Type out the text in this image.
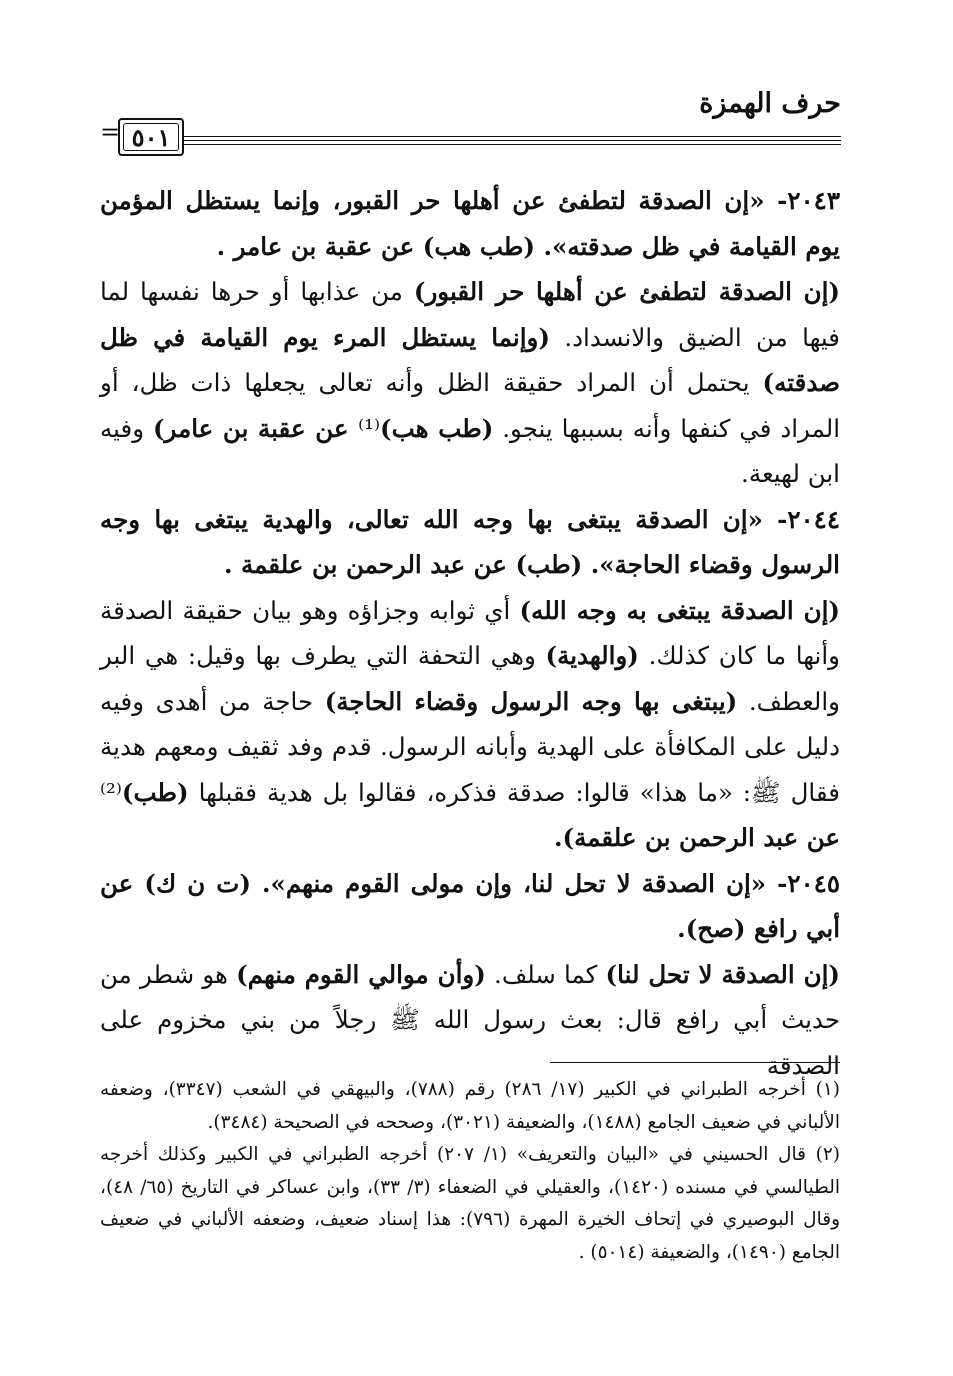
حرف الهمزة
٥٠١
=

٢٠٤٣- «إن الصدقة لتطفئ عن أهلها حر القبور، وإنما يستظل المؤمن يوم القيامة في ظل صدقته». (طب هب) عن عقبة بن عامر .

(إن الصدقة لتطفئ عن أهلها حر القبور) من عذابها أو حرها نفسها لما فيها من الضيق والانسداد. (وإنما يستظل المرء يوم القيامة في ظل صدقته) يحتمل أن المراد حقيقة الظل وأنه تعالى يجعلها ذات ظل، أو المراد في كنفها وأنه بسببها ينجو. (طب هب)⁽¹⁾ عن عقبة بن عامر) وفيه ابن لهيعة.

٢٠٤٤- «إن الصدقة يبتغى بها وجه الله تعالى، والهدية يبتغى بها وجه الرسول وقضاء الحاجة». (طب) عن عبد الرحمن بن علقمة .

(إن الصدقة يبتغى به وجه الله) أي ثوابه وجزاؤه وهو بيان حقيقة الصدقة وأنها ما كان كذلك. (والهدية) وهي التحفة التي يطرف بها وقيل: هي البر والعطف. (يبتغى بها وجه الرسول وقضاء الحاجة) حاجة من أهدى وفيه دليل على المكافأة على الهدية وأبانه الرسول. قدم وفد ثقيف ومعهم هدية فقال ﷺ: «ما هذا» قالوا: صدقة فذكره، فقالوا بل هدية فقبلها (طب)⁽²⁾ عن عبد الرحمن بن علقمة).

٢٠٤٥- «إن الصدقة لا تحل لنا، وإن مولى القوم منهم». (ت ن ك) عن أبي رافع (صح).

(إن الصدقة لا تحل لنا) كما سلف. (وأن موالي القوم منهم) هو شطر من حديث أبي رافع قال: بعث رسول الله ﷺ رجلاً من بني مخزوم على الصدقة

(١) أخرجه الطبراني في الكبير (١٧/ ٢٨٦) رقم (٧٨٨)، والبيهقي في الشعب (٣٣٤٧)، وضعفه الألباني في ضعيف الجامع (١٤٨٨)، والضعيفة (٣٠٢١)، وصححه في الصحيحة (٣٤٨٤).

(٢) قال الحسيني في «البيان والتعريف» (١/ ٢٠٧) أخرجه الطبراني في الكبير وكذلك أخرجه الطيالسي في مسنده (١٤٢٠)، والعقيلي في الضعفاء (٣/ ٣٣)، وابن عساكر في التاريخ (٦٥/ ٤٨)، وقال البوصيري في إتحاف الخيرة المهرة (٧٩٦): هذا إسناد ضعيف، وضعفه الألباني في ضعيف الجامع (١٤٩٠)، والضعيفة (٥٠١٤) .
